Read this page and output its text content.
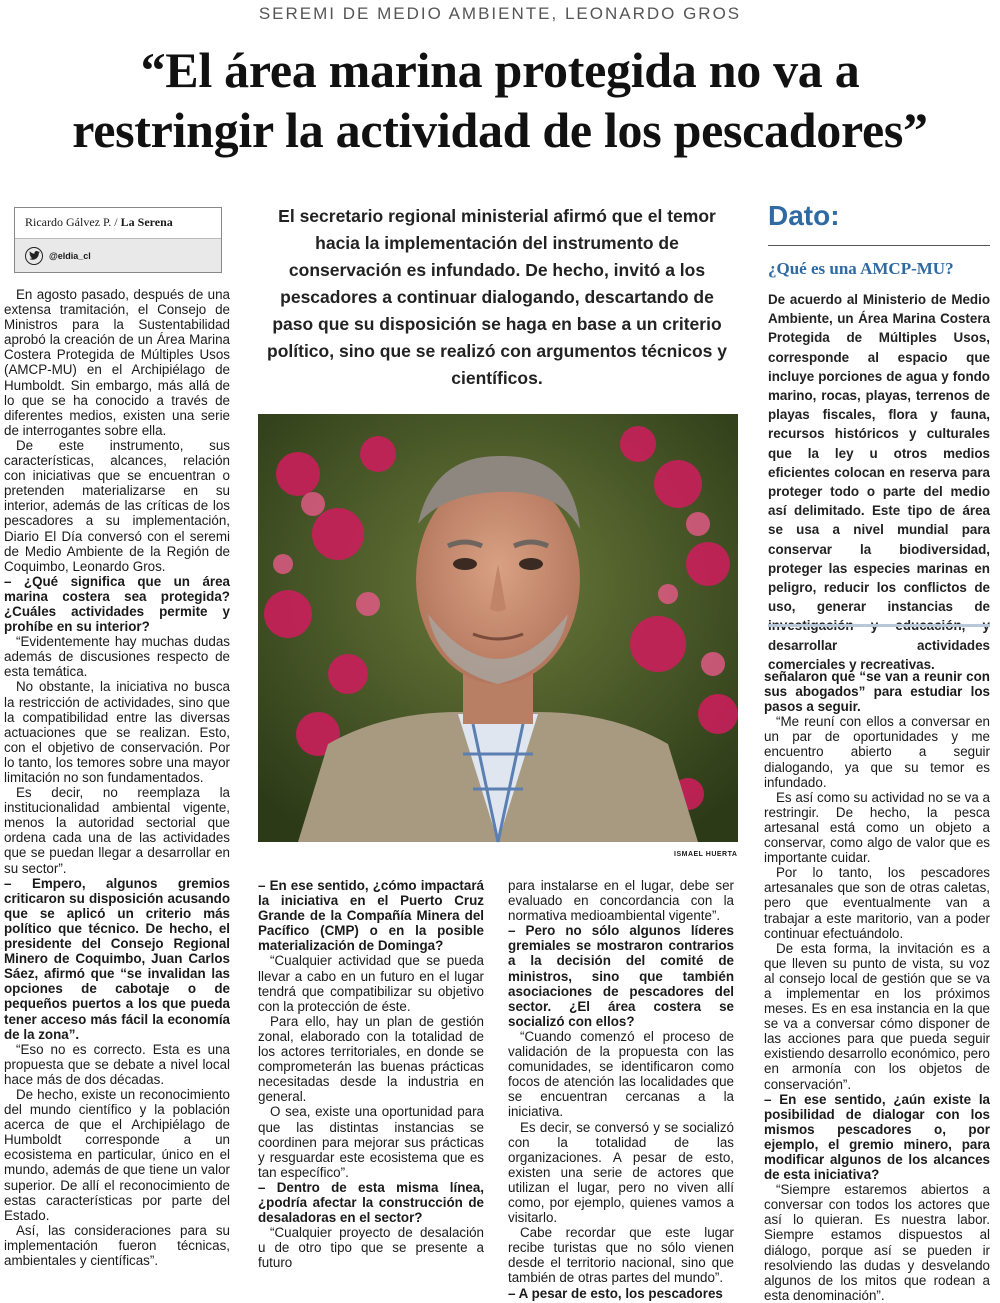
SEREMI DE MEDIO AMBIENTE, LEONARDO GROS
“El área marina protegida no va a
restringir la actividad de los pescadores”
Ricardo Gálvez P. / La Serena
@eldia_cl
El secretario regional ministerial afirmó que el temor hacia la implementación del instrumento de conservación es infundado. De hecho, invitó a los pescadores a continuar dialogando, descartando de paso que su disposición se haga en base a un criterio político, sino que se realizó con argumentos técnicos y científicos.
ISMAEL HUERTA
Dato:
¿Qué es una AMCP-MU?
De acuerdo al Ministerio de Medio Ambiente, un Área Marina Costera Protegida de Múltiples Usos, corresponde al espacio que incluye porciones de agua y fondo marino, rocas, playas, terrenos de playas fiscales, flora y fauna, recursos históricos y culturales que la ley u otros medios eficientes colocan en reserva para proteger todo o parte del medio así delimitado. Este tipo de área se usa a nivel mundial para conservar la biodiversidad, proteger las especies marinas en peligro, reducir los conflictos de uso, generar instancias de investigación y educación, y desarrollar actividades comerciales y recreativas.

En agosto pasado, después de una extensa tramitación, el Consejo de Ministros para la Sustentabilidad aprobó la creación de un Área Marina Costera Protegida de Múltiples Usos (AMCP-MU) en el Archipiélago de Humboldt. Sin embargo, más allá de lo que se ha conocido a través de diferentes medios, existen una serie de interrogantes sobre ella.

De este instrumento, sus características, alcances, relación con iniciativas que se encuentran o pretenden materializarse en su interior, además de las críticas de los pescadores a su implementación, Diario El Día conversó con el seremi de Medio Ambiente de la Región de Coquimbo, Leonardo Gros.

– ¿Qué significa que un área marina costera sea protegida? ¿Cuáles actividades permite y prohíbe en su interior?

“Evidentemente hay muchas dudas además de discusiones respecto de esta temática.

No obstante, la iniciativa no busca la restricción de actividades, sino que la compatibilidad entre las diversas actuaciones que se realizan. Esto, con el objetivo de conservación. Por lo tanto, los temores sobre una mayor limitación no son fundamentados.

Es decir, no reemplaza la institucionalidad ambiental vigente, menos la autoridad sectorial que ordena cada una de las actividades que se puedan llegar a desarrollar en su sector”.

– Empero, algunos gremios criticaron su disposición acusando que se aplicó un criterio más político que técnico. De hecho, el presidente del Consejo Regional Minero de Coquimbo, Juan Carlos Sáez, afirmó que “se invalidan las opciones de cabotaje o de pequeños puertos a los que pueda tener acceso más fácil la economía de la zona”.

“Eso no es correcto. Esta es una propuesta que se debate a nivel local hace más de dos décadas.

De hecho, existe un reconocimiento del mundo científico y la población acerca de que el Archipiélago de Humboldt corresponde a un ecosistema en particular, único en el mundo, además de que tiene un valor superior. De allí el reconocimiento de estas características por parte del Estado.

Así, las consideraciones para su implementación fueron técnicas, ambientales y científicas”.

– En ese sentido, ¿cómo impactará la iniciativa en el Puerto Cruz Grande de la Compañía Minera del Pacífico (CMP) o en la posible materialización de Dominga?

“Cualquier actividad que se pueda llevar a cabo en un futuro en el lugar tendrá que compatibilizar su objetivo con la protección de éste.

Para ello, hay un plan de gestión zonal, elaborado con la totalidad de los actores territoriales, en donde se comprometerán las buenas prácticas necesitadas desde la industria en general.

O sea, existe una oportunidad para que las distintas instancias se coordinen para mejorar sus prácticas y resguardar este ecosistema que es tan específico”.

– Dentro de esta misma línea, ¿podría afectar la construcción de desaladoras en el sector?

“Cualquier proyecto de desalación u de otro tipo que se presente a futuro

para instalarse en el lugar, debe ser evaluado en concordancia con la normativa medioambiental vigente”.

– Pero no sólo algunos líderes gremiales se mostraron contrarios a la decisión del comité de ministros, sino que también asociaciones de pescadores del sector. ¿El área costera se socializó con ellos?

“Cuando comenzó el proceso de validación de la propuesta con las comunidades, se identificaron como focos de atención las localidades que se encuentran cercanas a la iniciativa.

Es decir, se conversó y se socializó con la totalidad de las organizaciones. A pesar de esto, existen una serie de actores que utilizan el lugar, pero no viven allí como, por ejemplo, quienes vamos a visitarlo.

Cabe recordar que este lugar recibe turistas que no sólo vienen desde el territorio nacional, sino que también de otras partes del mundo”.

– A pesar de esto, los pescadores

señalaron que “se van a reunir con sus abogados” para estudiar los pasos a seguir.

“Me reuní con ellos a conversar en un par de oportunidades y me encuentro abierto a seguir dialogando, ya que su temor es infundado.

Es así como su actividad no se va a restringir. De hecho, la pesca artesanal está como un objeto a conservar, como algo de valor que es importante cuidar.

Por lo tanto, los pescadores artesanales que son de otras caletas, pero que eventualmente van a trabajar a este maritorio, van a poder continuar efectuándolo.

De esta forma, la invitación es a que lleven su punto de vista, su voz al consejo local de gestión que se va a implementar en los próximos meses. Es en esa instancia en la que se va a conversar cómo disponer de las acciones para que pueda seguir existiendo desarrollo económico, pero en armonía con los objetos de conservación”.

– En ese sentido, ¿aún existe la posibilidad de dialogar con los mismos pescadores o, por ejemplo, el gremio minero, para modificar algunos de los alcances de esta iniciativa?

“Siempre estaremos abiertos a conversar con todos los actores que así lo quieran. Es nuestra labor. Siempre estamos dispuestos al diálogo, porque así se pueden ir resolviendo las dudas y desvelando algunos de los mitos que rodean a esta denominación”.
